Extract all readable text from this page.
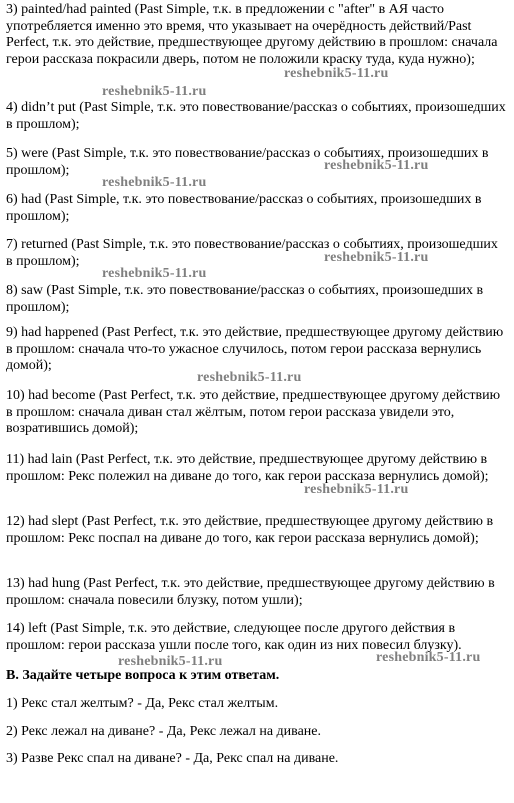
3) painted/had painted (Past Simple, т.к. в предложении с "after" в АЯ часто употребляется именно это время, что указывает на очерёдность действий/Past Perfect, т.к. это действие, предшествующее другому действию в прошлом: сначала герои рассказа покрасили дверь, потом не положили краску туда, куда нужно);

4) didn’t put (Past Simple, т.к. это повествование/рассказ о событиях, произошедших в прошлом);

5) were (Past Simple, т.к. это повествование/рассказ о событиях, произошедших в прошлом);

6) had (Past Simple, т.к. это повествование/рассказ о событиях, произошедших в прошлом);

7) returned (Past Simple, т.к. это повествование/рассказ о событиях, произошедших в прошлом);

8) saw (Past Simple, т.к. это повествование/рассказ о событиях, произошедших в прошлом);

9) had happened (Past Perfect, т.к. это действие, предшествующее другому действию в прошлом: сначала что-то ужасное случилось, потом герои рассказа вернулись домой);

10) had become (Past Perfect, т.к. это действие, предшествующее другому действию в прошлом: сначала диван стал жёлтым, потом герои рассказа увидели это, возратившись домой);

11) had lain (Past Perfect, т.к. это действие, предшествующее другому действию в прошлом: Рекс полежил на диване до того, как герои рассказа вернулись домой);

12) had slept (Past Perfect, т.к. это действие, предшествующее другому действию в прошлом: Рекс поспал на диване до того, как герои рассказа вернулись домой);

13) had hung (Past Perfect, т.к. это действие, предшествующее другому действию в прошлом: сначала повесили блузку, потом ушли);

14) left (Past Simple, т.к. это действие, следующее после другого действия в прошлом: герои рассказа ушли после того, как один из них повесил блузку).

B. Задайте четыре вопроса к этим ответам.

1) Рекс стал желтым? - Да, Рекс стал желтым.

2) Рекс лежал на диване? - Да, Рекс лежал на диване.

3) Разве Рекс спал на диване? - Да, Рекс спал на диване.

reshebnik5-11.ru
reshebnik5-11.ru
reshebnik5-11.ru
reshebnik5-11.ru
reshebnik5-11.ru
reshebnik5-11.ru
reshebnik5-11.ru
reshebnik5-11.ru
reshebnik5-11.ru
reshebnik5-11.ru
